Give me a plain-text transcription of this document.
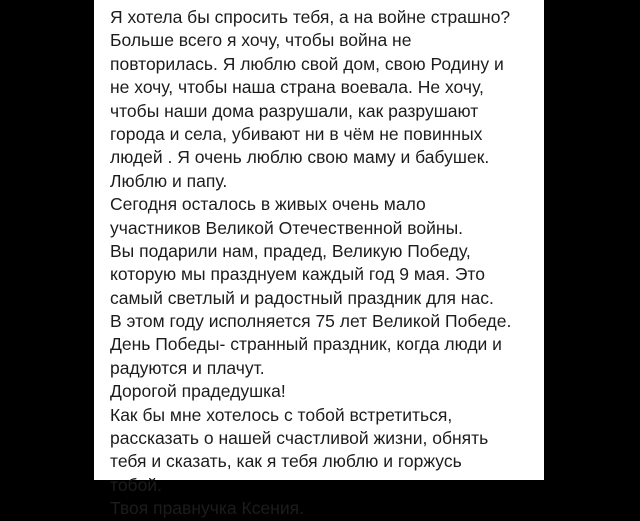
Я хотела бы спросить тебя, а на войне страшно?
Больше всего я хочу, чтобы война не
повторилась. Я люблю свой дом, свою Родину и
не хочу, чтобы наша страна воевала. Не хочу,
чтобы наши дома разрушали, как разрушают
города и села, убивают ни в чём не повинных
людей . Я очень люблю свою маму и бабушек.
Люблю и папу.
Сегодня осталось в живых очень мало
участников Великой Отечественной войны.
Вы подарили нам, прадед, Великую Победу,
которую мы празднуем каждый год 9 мая. Это
самый светлый и радостный праздник для нас.
В этом году исполняется 75 лет Великой Победе.
День Победы- странный праздник, когда люди и
радуются и плачут.
Дорогой прадедушка!
Как бы мне хотелось с тобой встретиться,
рассказать о нашей счастливой жизни, обнять
тебя и сказать, как я тебя люблю и горжусь
тобой.
Твоя правнучка Ксения.
